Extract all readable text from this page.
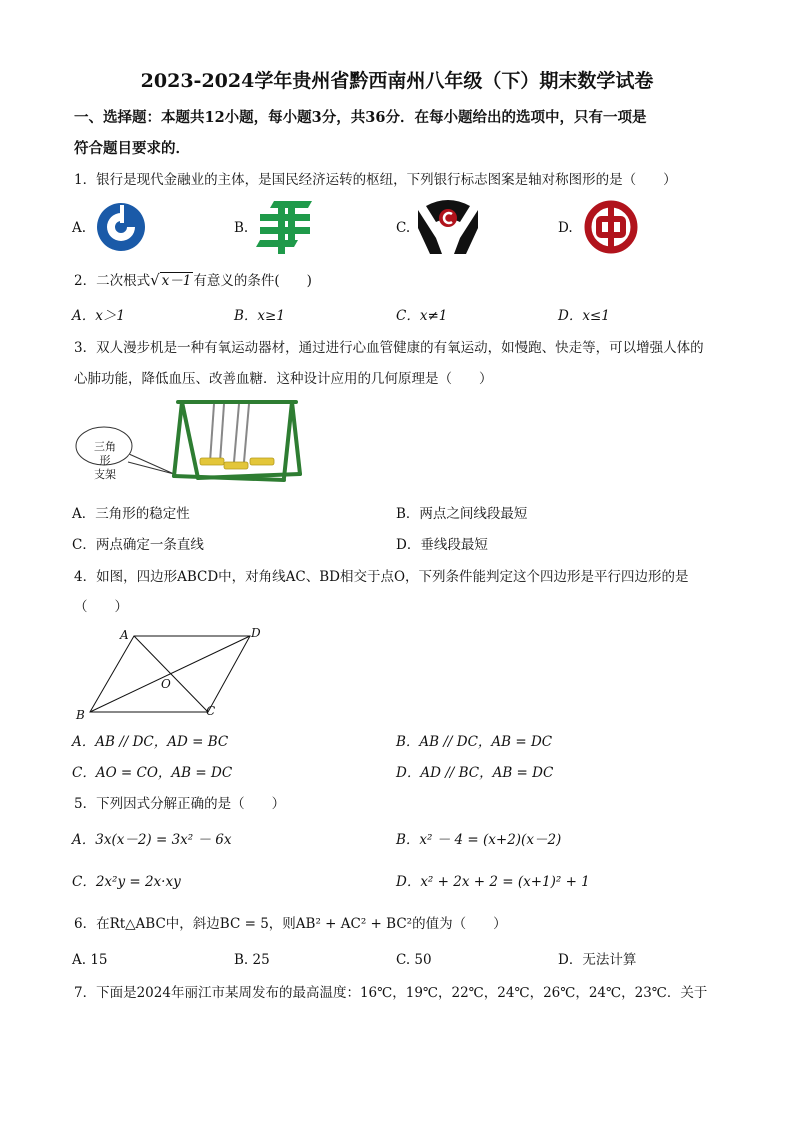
2023-2024学年贵州省黔西南州八年级（下）期末数学试卷
一、选择题：本题共12小题，每小题3分，共36分．在每小题给出的选项中，只有一项是
符合题目要求的．
1．银行是现代金融业的主体，是国民经济运转的枢纽，下列银行标志图案是轴对称图形的是（　　）
A.	B.	C.	D.
2．二次根式√ x－1 有意义的条件(　　)
A．x＞1	B．x≥1	C．x≠1	D．x≤1
3．双人漫步机是一种有氧运动器材，通过进行心血管健康的有氧运动，如慢跑、快走等，可以增强人体的
心肺功能，降低血压、改善血糖．这种设计应用的几何原理是（　　）
三角形
支架
A．三角形的稳定性	B．两点之间线段最短
C．两点确定一条直线	D．垂线段最短
4．如图，四边形ABCD中，对角线AC、BD相交于点O，下列条件能判定这个四边形是平行四边形的是
（　　）
A	D
O
B	C
A．AB // DC，AD = BC	B．AB // DC，AB = DC
C．AO = CO，AB = DC	D．AD // BC，AB = DC
5．下列因式分解正确的是（　　）
A．3x(x－2) = 3x² － 6x	B．x² － 4 = (x+2)(x－2)
C．2x²y = 2x·xy	D．x² + 2x + 2 = (x+1)² + 1
6．在Rt△ABC中，斜边BC = 5，则AB² + AC² + BC²的值为（　　）
A. 15	B. 25	C. 50	D．无法计算
7．下面是2024年丽江市某周发布的最高温度：16℃，19℃，22℃，24℃，26℃，24℃，23℃．关于
